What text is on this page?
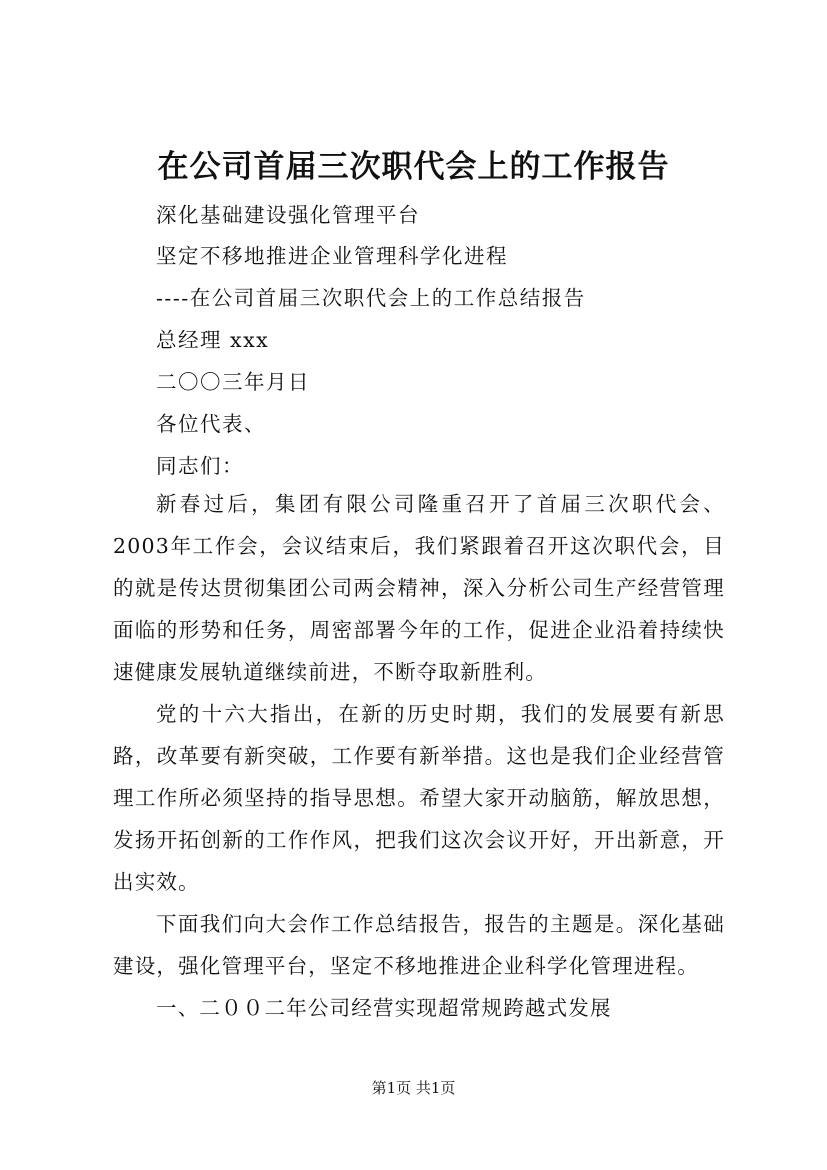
在公司首届三次职代会上的工作报告
深化基础建设强化管理平台
坚定不移地推进企业管理科学化进程
----在公司首届三次职代会上的工作总结报告
总经理 xxx
二〇〇三年月日
各位代表、
同志们：
新春过后，集团有限公司隆重召开了首届三次职代会、2003年工作会，会议结束后，我们紧跟着召开这次职代会，目的就是传达贯彻集团公司两会精神，深入分析公司生产经营管理面临的形势和任务，周密部署今年的工作，促进企业沿着持续快速健康发展轨道继续前进，不断夺取新胜利。
党的十六大指出，在新的历史时期，我们的发展要有新思路，改革要有新突破，工作要有新举措。这也是我们企业经营管理工作所必须坚持的指导思想。希望大家开动脑筋，解放思想，发扬开拓创新的工作作风，把我们这次会议开好，开出新意，开出实效。
下面我们向大会作工作总结报告，报告的主题是。深化基础建设，强化管理平台，坚定不移地推进企业科学化管理进程。
一、二００二年公司经营实现超常规跨越式发展
第1页 共1页
